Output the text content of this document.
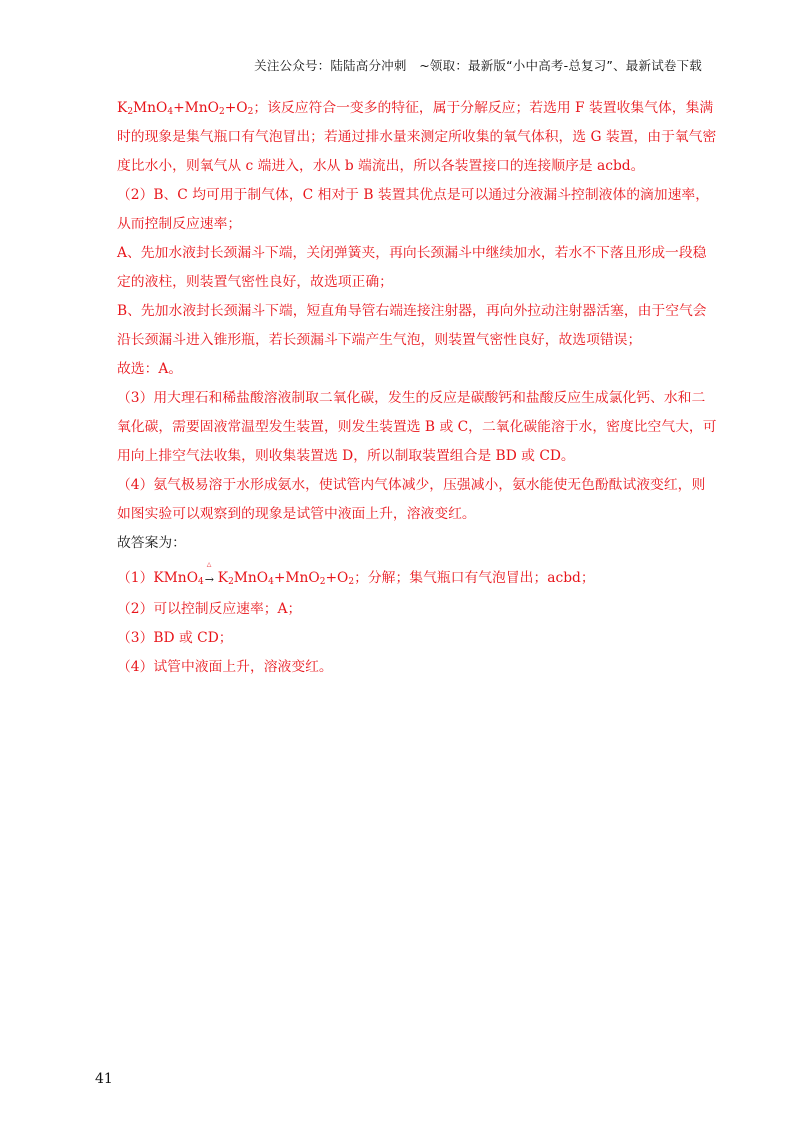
关注公众号：陆陆高分冲刺　~领取：最新版“小中高考-总复习”、最新试卷下载

$K_2MnO_4+MnO_2+O_2$；该反应符合一变多的特征，属于分解反应；若选用 F 装置收集气体，集满时的现象是集气瓶口有气泡冒出；若通过排水量来测定所收集的氧气体积，选 G 装置，由于氧气密度比水小，则氧气从 c 端进入，水从 b 端流出，所以各装置接口的连接顺序是 acbd。

（2）B、C 均可用于制气体，C 相对于 B 装置其优点是可以通过分液漏斗控制液体的滴加速率，从而控制反应速率；

A、先加水液封长颈漏斗下端，关闭弹簧夹，再向长颈漏斗中继续加水，若水不下落且形成一段稳定的液柱，则装置气密性良好，故选项正确；

B、先加水液封长颈漏斗下端，短直角导管右端连接注射器，再向外拉动注射器活塞，由于空气会沿长颈漏斗进入锥形瓶，若长颈漏斗下端产生气泡，则装置气密性良好，故选项错误；

故选：A。

（3）用大理石和稀盐酸溶液制取二氧化碳，发生的反应是碳酸钙和盐酸反应生成氯化钙、水和二氧化碳，需要固液常温型发生装置，则发生装置选 B 或 C，二氧化碳能溶于水，密度比空气大，可用向上排空气法收集，则收集装置选 D，所以制取装置组合是 BD 或 CD。

（4）氨气极易溶于水形成氨水，使试管内气体减少，压强减小，氨水能使无色酚酞试液变红，则如图实验可以观察到的现象是试管中液面上升，溶液变红。

故答案为：

（1）KMnO$_4$
△
→ $K_2MnO_4+MnO_2+O_2$；分解；集气瓶口有气泡冒出；acbd；

（2）可以控制反应速率；A；

（3）BD 或 CD；

（4）试管中液面上升，溶液变红。

41
